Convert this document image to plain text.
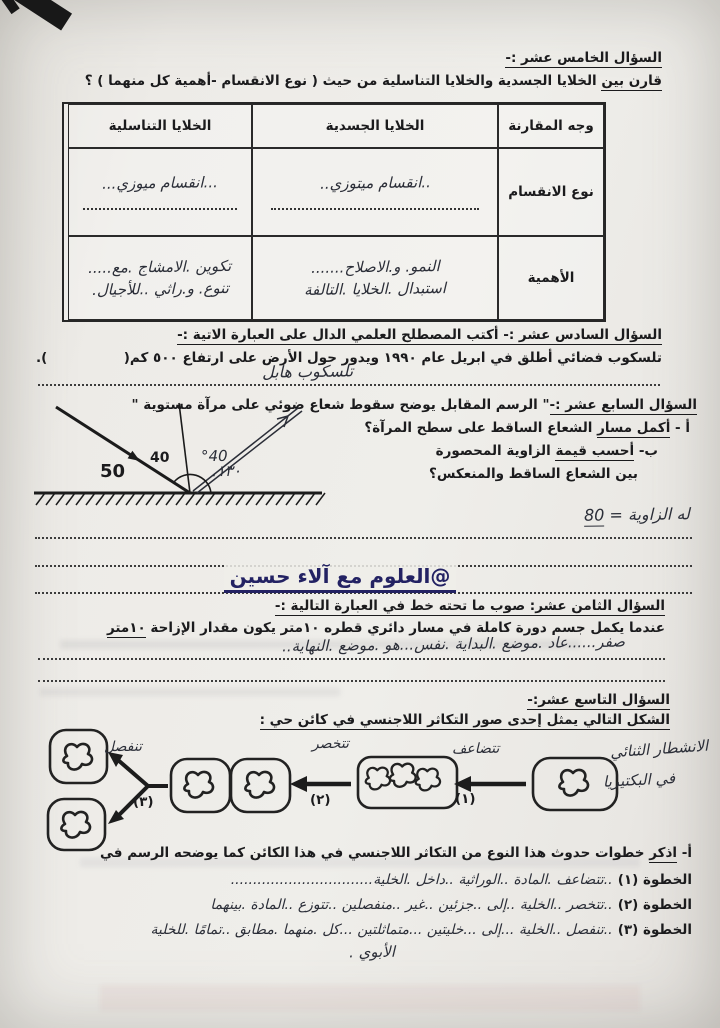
السؤال الخامس عشر :-
قارن بين الخلايا الجسدية والخلايا التناسلية من حيث ( نوع الانقسام -أهمية كل منهما ) ؟
وجه المقارنة
الخلايا الجسدية
الخلايا التناسلية
نوع الانقسام
..انقسام ميتوزي..
...انقسام ميوزي...
الأهمية
النمو. و.الاصلاح.......
استبدال .الخلايا .التالفة
تكوين .الامشاج .مع.....
تنوع. و.راثي ..للأجيال.
السؤال السادس عشر :- أكتب المصطلح العلمي الدال على العبارة الاتية :-
تلسكوب فضائي أطلق في ابريل عام ١٩٩٠ ويدور حول الأرض على ارتفاع ٥٠٠ كم(
).
تلسكوب هابل
السؤال السابع عشر :-" الرسم المقابل يوضح سقوط شعاع ضوئي على مرآة مستوية "
أ - أكمل مسار الشعاع الساقط على سطح المرآة؟
ب- أحسب قيمة الزاوية المحصورة
بين الشعاع الساقط والمنعكس؟
40 °40
50	١٣٠.
له الزاوية = 80
@العلوم مع آلاء حسين
السؤال الثامن عشر: صوب ما تحته خط في العبارة التالية :-
عندما يكمل جسم دورة كاملة في مسار دائري قطره ١٠متر يكون مقدار الإزاحة ١٠متر
صفر......عاد .موضع .البداية .نفس...هو .موضع .النهاية..
السؤال التاسع عشر:-
الشكل التالي يمثل إحدى صور التكاثر اللاجنسي في كائن حي :
تتضاعف
(١)
تتخصر
(٢)
تنفصل
(٣)
الانشطار الثنائي
في البكتيريا
أ- اذكر خطوات حدوث هذا النوع من التكاثر اللاجنسي في هذا الكائن كما يوضحه الرسم في
الخطوة (١) ..تتضاعف .المادة ..الوراثية ..داخل .الخلية................................
الخطوة (٢) ..تتخصر ..الخلية ..إلى ..جزئين ..غير ..منفصلين ..تتوزع ..المادة .بينهما
الخطوة (٣) ..تنفصل ..الخلية ...إلى ...خليتين ...متماثلتين ...كل .منهما .مطابق ..تمامًا .للخلية
الأبوي .
